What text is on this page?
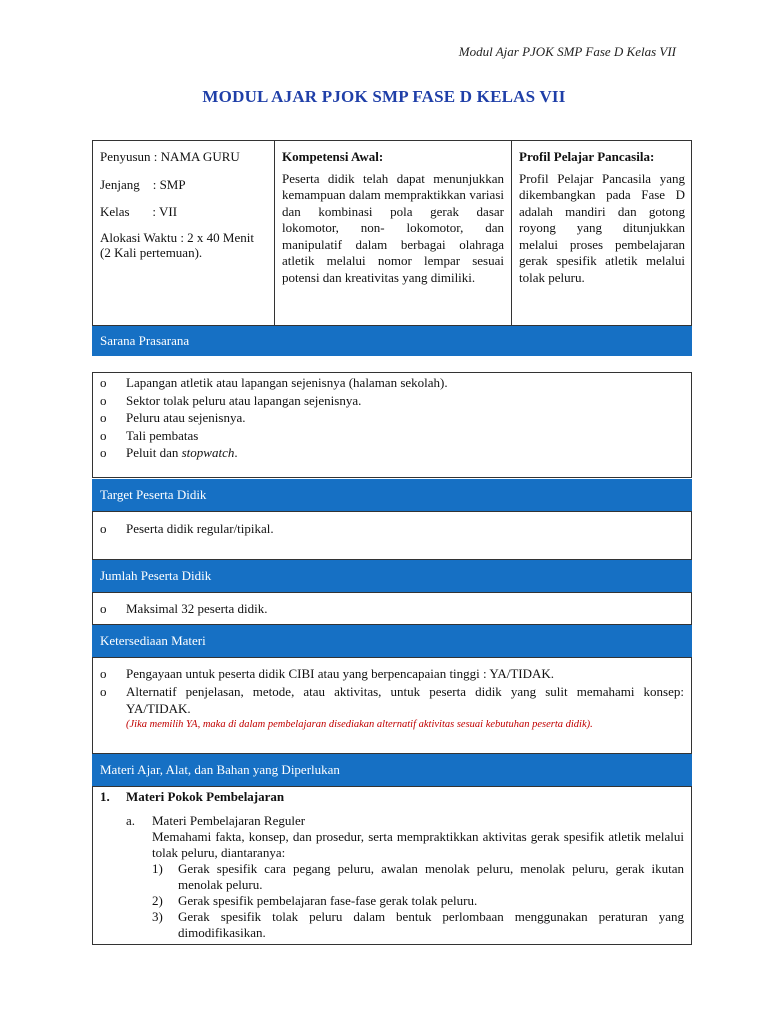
Modul Ajar PJOK SMP Fase D Kelas VII
MODUL AJAR PJOK SMP FASE D KELAS VII
Penyusun : NAMA GURU
Jenjang    : SMP
Kelas       : VII
Alokasi Waktu : 2 x 40 Menit (2 Kali pertemuan).
Kompetensi Awal:
Peserta didik telah dapat menunjukkan kemampuan dalam mempraktikkan variasi dan kombinasi pola gerak dasar lokomotor, non- lokomotor, dan manipulatif dalam berbagai olahraga atletik melalui nomor lempar sesuai potensi dan kreativitas yang dimiliki.
Profil Pelajar Pancasila:
Profil Pelajar Pancasila yang dikembangkan pada Fase D adalah mandiri dan gotong royong yang ditunjukkan melalui proses pembelajaran gerak spesifik atletik melalui tolak peluru.
Sarana Prasarana
o Lapangan atletik atau lapangan sejenisnya (halaman sekolah).
o Sektor tolak peluru atau lapangan sejenisnya.
o Peluru atau sejenisnya.
o Tali pembatas
o Peluit dan stopwatch.
Target Peserta Didik
o Peserta didik regular/tipikal.
Jumlah Peserta Didik
o Maksimal 32 peserta didik.
Ketersediaan Materi
o Pengayaan untuk peserta didik CIBI atau yang berpencapaian tinggi : YA/TIDAK.
o Alternatif penjelasan, metode, atau aktivitas, untuk peserta didik yang sulit memahami konsep: YA/TIDAK.
(Jika memilih YA, maka di dalam pembelajaran disediakan alternatif aktivitas sesuai kebutuhan peserta didik).
Materi Ajar, Alat, dan Bahan yang Diperlukan
1. Materi Pokok Pembelajaran
a. Materi Pembelajaran Reguler
Memahami fakta, konsep, dan prosedur, serta mempraktikkan aktivitas gerak spesifik atletik melalui tolak peluru, diantaranya:
1) Gerak spesifik cara pegang peluru, awalan menolak peluru, menolak peluru, gerak ikutan menolak peluru.
2) Gerak spesifik pembelajaran fase-fase gerak tolak peluru.
3) Gerak spesifik tolak peluru dalam bentuk perlombaan menggunakan peraturan yang dimodifikasikan.
